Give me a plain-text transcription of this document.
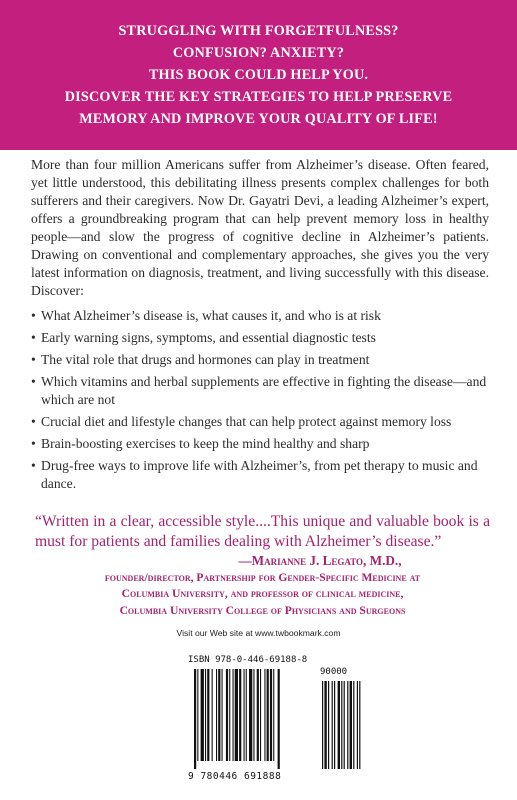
STRUGGLING WITH FORGETFULNESS?
CONFUSION? ANXIETY?
THIS BOOK COULD HELP YOU.
DISCOVER THE KEY STRATEGIES TO HELP PRESERVE
MEMORY AND IMPROVE YOUR QUALITY OF LIFE!
More than four million Americans suffer from Alzheimer’s disease. Often feared, yet little understood, this debilitating illness presents complex challenges for both sufferers and their caregivers. Now Dr. Gayatri Devi, a leading Alzheimer’s expert, offers a groundbreaking program that can help prevent memory loss in healthy people—and slow the progress of cognitive decline in Alzheimer’s patients. Drawing on conventional and complementary approaches, she gives you the very latest information on diagnosis, treatment, and living successfully with this disease. Discover:
• What Alzheimer’s disease is, what causes it, and who is at risk
• Early warning signs, symptoms, and essential diagnostic tests
• The vital role that drugs and hormones can play in treatment
• Which vitamins and herbal supplements are effective in fighting the disease—and which are not
• Crucial diet and lifestyle changes that can help protect against memory loss
• Brain-boosting exercises to keep the mind healthy and sharp
• Drug-free ways to improve life with Alzheimer’s, from pet therapy to music and dance.
“Written in a clear, accessible style....This unique and valuable book is a must for patients and families dealing with Alzheimer’s disease.”
—Marianne J. Legato, M.D.,
founder/director, Partnership for Gender-Specific Medicine at
Columbia University, and professor of clinical medicine,
Columbia University College of Physicians and Surgeons
Visit our Web site at www.twbookmark.com
ISBN 978-0-446-69188-8
90000
9 780446 691888
